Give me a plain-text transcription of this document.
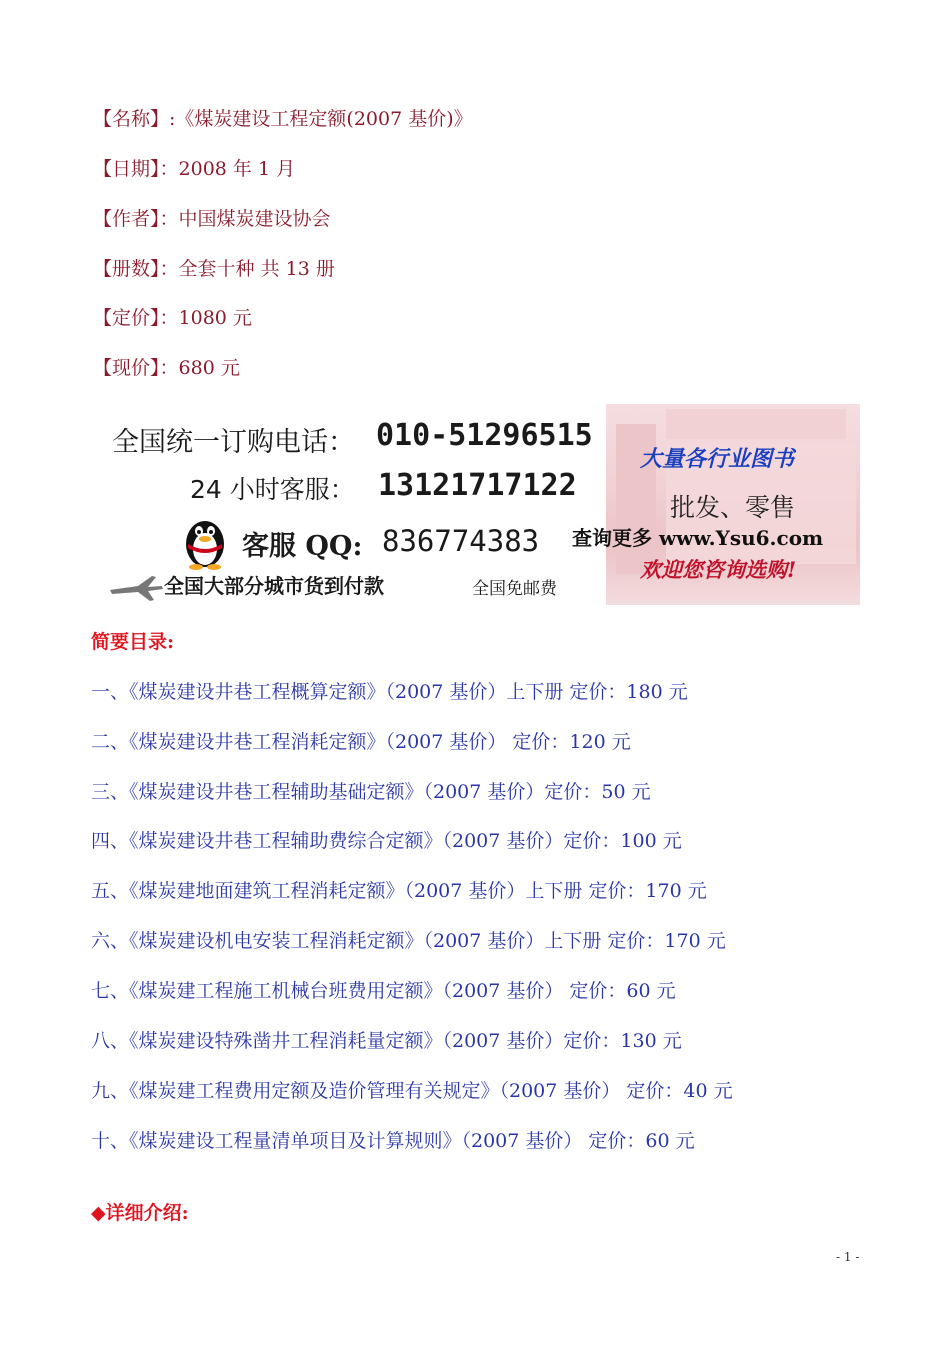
【名称】:《煤炭建设工程定额(2007 基价)》
【日期】：2008 年 1 月
【作者】：中国煤炭建设协会
【册数】：全套十种 共 13 册
【定价】：1080 元
【现价】：680 元
全国统一订购电话： 010-51296515
24 小时客服： 13121717122
客服 QQ: 836774383
全国大部分城市货到付款	全国免邮费
大量各行业图书
批发、零售
查询更多 www.Ysu6.com
欢迎您咨询选购!
简要目录:
一、《煤炭建设井巷工程概算定额》（2007 基价）上下册 定价：180 元
二、《煤炭建设井巷工程消耗定额》（2007 基价） 定价：120 元
三、《煤炭建设井巷工程辅助基础定额》（2007 基价）定价：50 元
四、《煤炭建设井巷工程辅助费综合定额》（2007 基价）定价：100 元
五、《煤炭建地面建筑工程消耗定额》（2007 基价）上下册 定价：170 元
六、《煤炭建设机电安装工程消耗定额》（2007 基价）上下册 定价：170 元
七、《煤炭建工程施工机械台班费用定额》（2007 基价） 定价：60 元
八、《煤炭建设特殊凿井工程消耗量定额》（2007 基价）定价：130 元
九、《煤炭建工程费用定额及造价管理有关规定》（2007 基价） 定价：40 元
十、《煤炭建设工程量清单项目及计算规则》（2007 基价） 定价：60 元
◆详细介绍:
- 1 -
